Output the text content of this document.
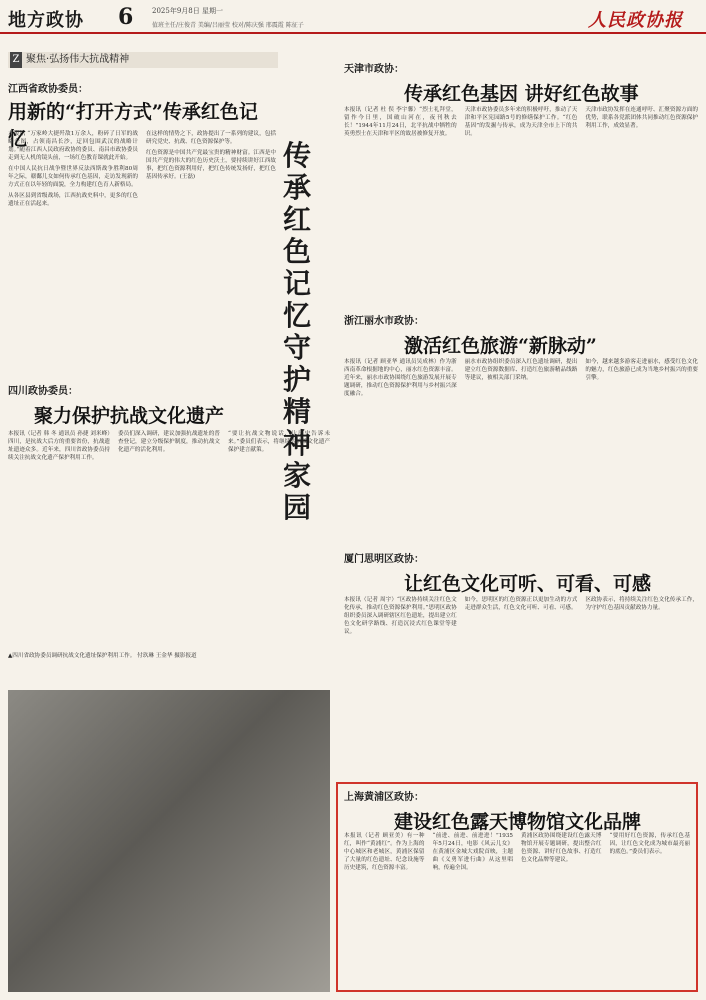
地方政协 6	2025年9月8日 星期一
值班主任/庄俊青 美编/吕丽莹 校对/陈庆强 邢震霞 陈征子	人民政协报
Z 聚焦·弘扬伟大抗战精神
江西省政协委员：
用新的“打开方式”传承红色记忆

本报讯 “万家岭大捷歼敌1万余人，粉碎了日军的战略企图，占领南昌长沙，迂回包围武汉的战略计划。”随着江西人民政府政协的委员、南昌市政协委员走到无人机的镜头前，一场红色教育课就此开始。

在中国人民抗日战争暨世界反法西斯战争胜利80周年之际，赣鄱儿女如何传承红色基因，走访发现新的方式正在以年轻的面貌，全力构建红色育人新格局。

从各区县到省级战场，江西抗战史料中，更多的红色遗址正在活起来。

在这样的情势之下，政协提出了一系列的建议，包括研究党史、抗战、红色资源保护等。

红色资源是中国共产党最宝贵的精神财富。江西是中国共产党的伟大的红色历史沃土，要持续讲好江西故事，把红色资源利用好，把红色传统发扬好，把红色基因传承好。(王磊)

传承红色记忆 守护精神家园
四川政协委员：
聚力保护抗战文化遗产

本报讯（记者 韩 冬 通讯员 孙捷 刘米峰）四川，是抗战大后方的重要省份，抗战遗址遗迹众多。近年来，四川省政协委员持续关注抗战文化遗产保护利用工作。

委员们深入调研，建议加强抗战遗址的普查登记，建立分级保护制度，推动抗战文化遗产的活化利用。

“要让抗战文物说话，让历史告诉未来。”委员们表示，将继续为抗战文化遗产保护建言献策。

▲四川省政协委员调研抗战文化遗址保护利用工作。 付玖琳 王金华 摄影报道
天津市政协：
传承红色基因 讲好红色故事

本报讯（记者 杜 俣 李宇馨）“烈士礼拜堂，留作今日里，国破山河在，夜刊秋去长！”1944年11月24日，北平抗战中牺牲的英勇烈士在天津和平区的故居被修复开放。

天津市政协委员多年来的积极呼吁，推动了天津和平区宪园路5号的修缮保护工作。“红色基因”的发掘与传承，成为天津全市上下的共识。

天津市政协发挥在连通呼吁、汇聚资源方面的优势，联系各党派团体共同推动红色资源保护利用工作，成效显著。

浙江丽水市政协：
激活红色旅游“新脉动”

本报讯（记者 顾亚华 通讯员吴成林）作为浙西南革命根据地的中心，丽水红色资源丰富。近年来，丽水市政协围绕红色旅游发展开展专题调研，推动红色资源保护利用与乡村振兴深度融合。

丽水市政协组织委员深入红色遗址调研，提出建立红色资源数据库、打造红色旅游精品线路等建议，被相关部门采纳。

如今，越来越多游客走进丽水，感受红色文化的魅力，红色旅游已成为当地乡村振兴的重要引擎。

厦门思明区政协：
让红色文化可听、可看、可感

本报讯（记者 周宇）“区政协持续关注红色文化传承，推动红色资源保护利用。”思明区政协组织委员深入调研辖区红色遗址，提出建立红色文化研学路线、打造沉浸式红色课堂等建议。

如今，思明区的红色资源正以更加生动的方式走进群众生活，红色文化可听、可看、可感。

区政协表示，将持续关注红色文化传承工作，为守护红色基因贡献政协力量。

上海黄浦区政协：
建设红色露天博物馆文化品牌

本报讯（记者 顾亚美）有一种红，叫作“黄浦红”。作为上海的中心城区和老城区，黄浦区保留了大量的红色遗址、纪念设施等历史建筑，红色资源丰富。

“前进、前进、前进进！”1935年5月24日，电影《风云儿女》在黄浦区金城大戏院首映，主题曲《义勇军进行曲》从这里唱响，传遍全国。

黄浦区政协围绕建设红色露天博物馆开展专题调研，提出整合红色资源、讲好红色故事、打造红色文化品牌等建议。

“要用好红色资源，传承红色基因，让红色文化成为城市最亮丽的底色。”委员们表示。
